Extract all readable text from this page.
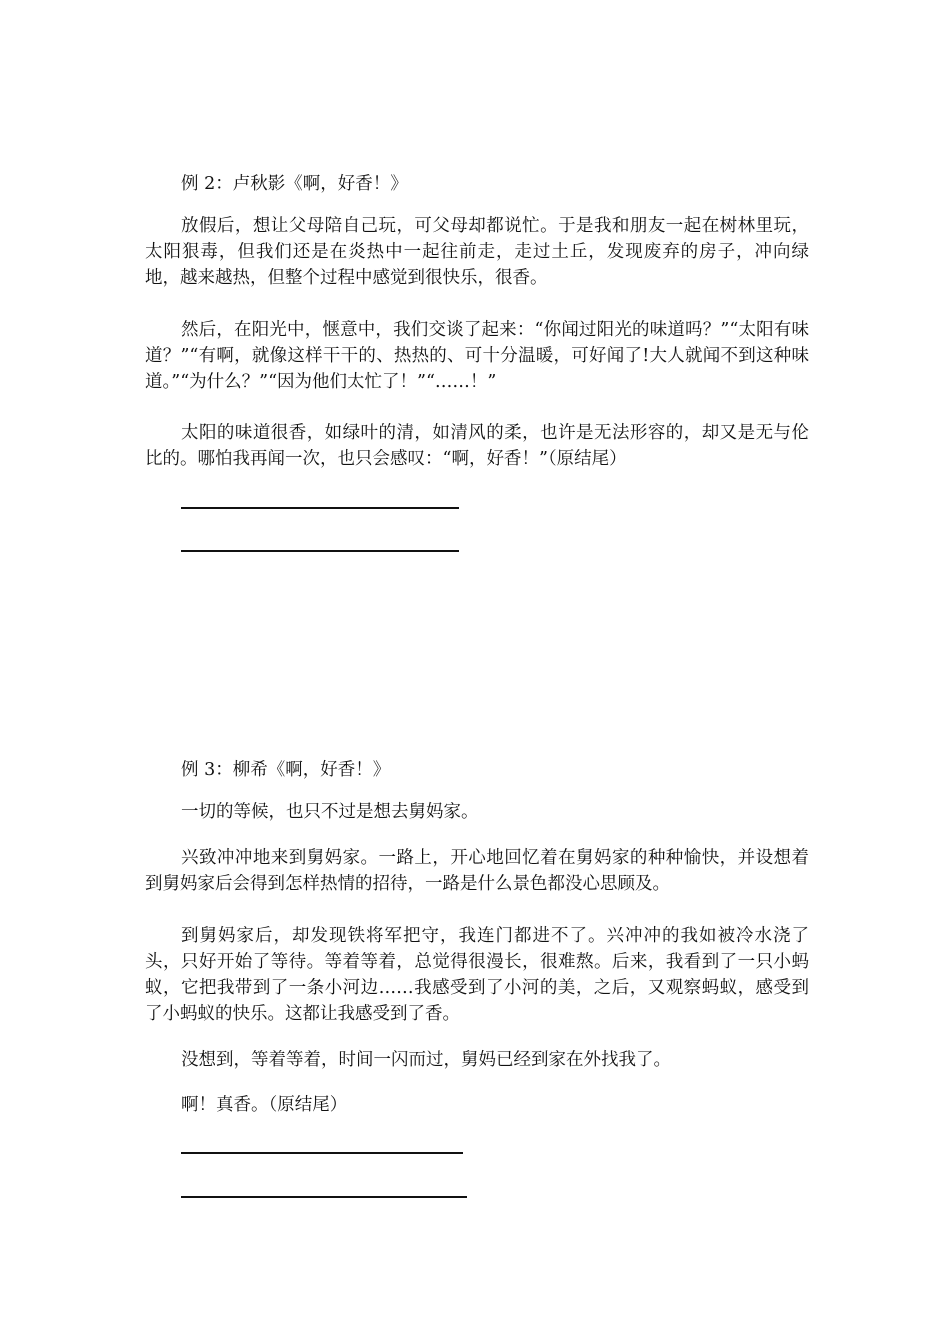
例 2：卢秋影《啊，好香！》

放假后，想让父母陪自己玩，可父母却都说忙。于是我和朋友一起在树林里玩，太阳狠毒，但我们还是在炎热中一起往前走，走过土丘，发现废弃的房子，冲向绿地，越来越热，但整个过程中感觉到很快乐，很香。

然后，在阳光中，惬意中，我们交谈了起来：“你闻过阳光的味道吗？”“太阳有味道？”“有啊，就像这样干干的、热热的、可十分温暖，可好闻了!大人就闻不到这种味道。”“为什么？”“因为他们太忙了！”“……！”

太阳的味道很香，如绿叶的清，如清风的柔，也许是无法形容的，却又是无与伦比的。哪怕我再闻一次，也只会感叹：“啊，好香！”（原结尾）

例 3：柳希《啊，好香！》

一切的等候，也只不过是想去舅妈家。

兴致冲冲地来到舅妈家。一路上，开心地回忆着在舅妈家的种种愉快，并设想着到舅妈家后会得到怎样热情的招待，一路是什么景色都没心思顾及。

到舅妈家后，却发现铁将军把守，我连门都进不了。兴冲冲的我如被冷水浇了头，只好开始了等待。等着等着，总觉得很漫长，很难熬。后来，我看到了一只小蚂蚁，它把我带到了一条小河边……我感受到了小河的美，之后，又观察蚂蚁，感受到了小蚂蚁的快乐。这都让我感受到了香。

没想到，等着等着，时间一闪而过，舅妈已经到家在外找我了。

啊！真香。（原结尾）
